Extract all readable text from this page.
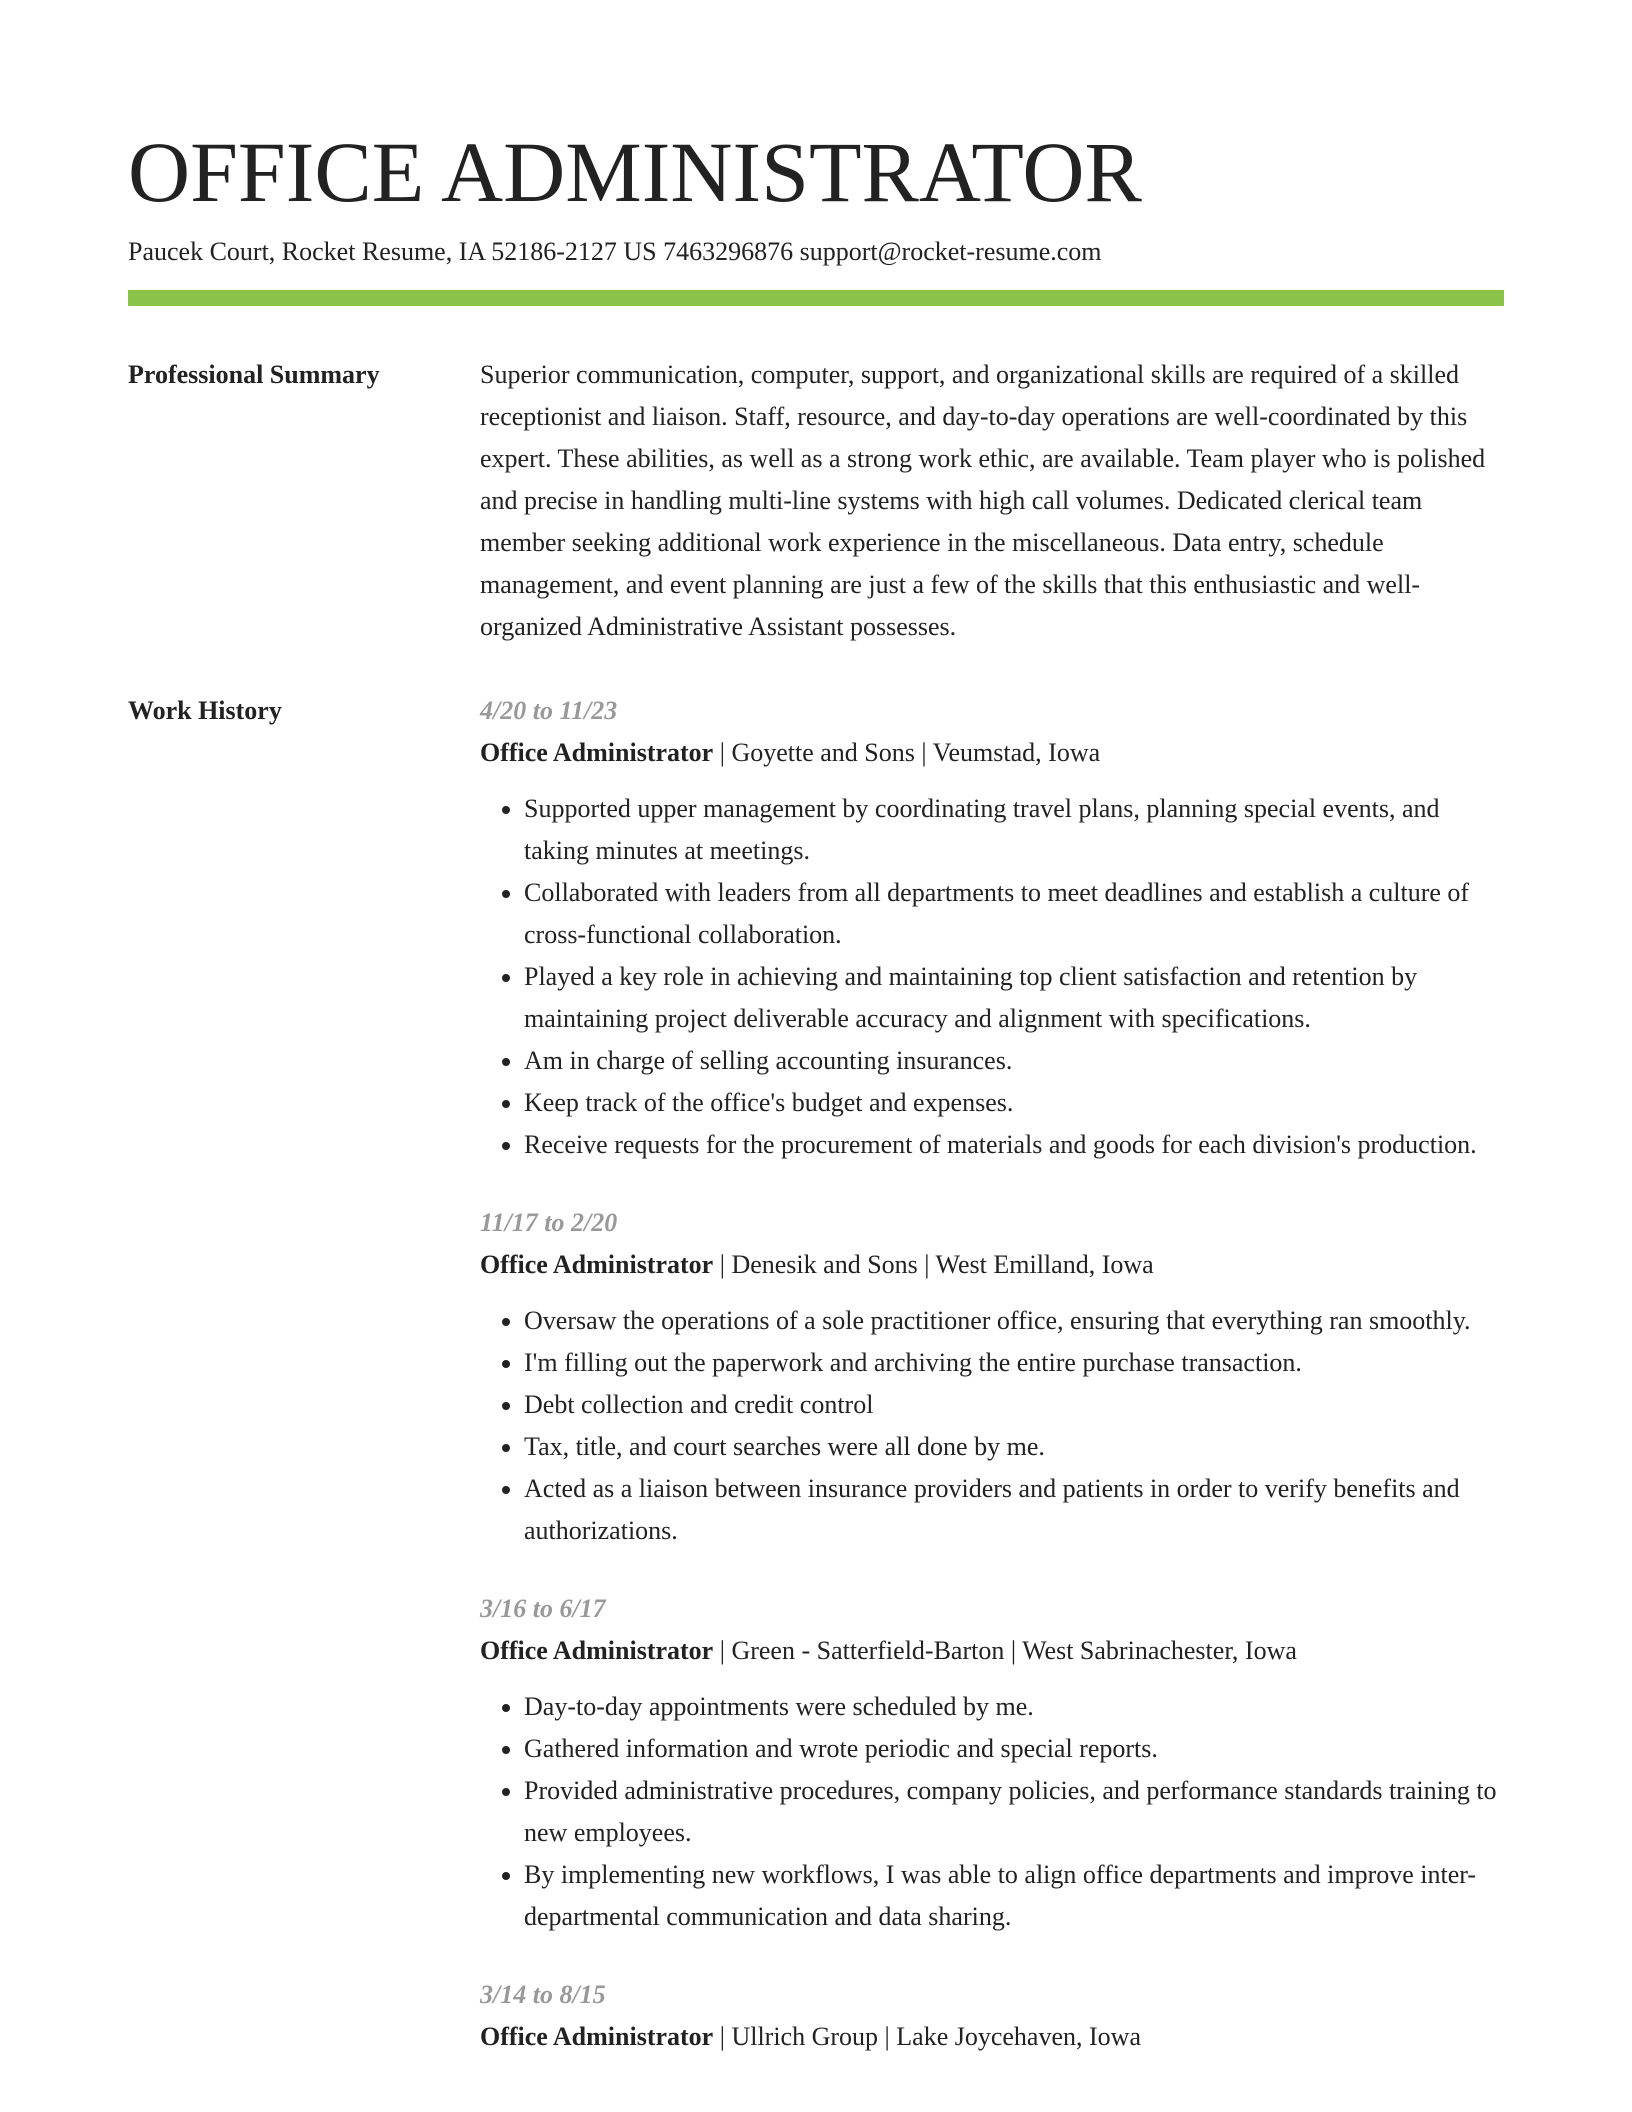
OFFICE ADMINISTRATOR
Paucek Court, Rocket Resume, IA 52186-2127 US 7463296876 support@rocket-resume.com
Professional Summary	Superior communication, computer, support, and organizational skills are required of a skilled receptionist and liaison. Staff, resource, and day-to-day operations are well-coordinated by this expert. These abilities, as well as a strong work ethic, are available. Team player who is polished and precise in handling multi-line systems with high call volumes. Dedicated clerical team member seeking additional work experience in the miscellaneous. Data entry, schedule management, and event planning are just a few of the skills that this enthusiastic and well-organized Administrative Assistant possesses.

Work History	4/20 to 11/23
Office Administrator | Goyette and Sons | Veumstad, Iowa
• Supported upper management by coordinating travel plans, planning special events, and taking minutes at meetings.
• Collaborated with leaders from all departments to meet deadlines and establish a culture of cross-functional collaboration.
• Played a key role in achieving and maintaining top client satisfaction and retention by maintaining project deliverable accuracy and alignment with specifications.
• Am in charge of selling accounting insurances.
• Keep track of the office's budget and expenses.
• Receive requests for the procurement of materials and goods for each division's production.
11/17 to 2/20
Office Administrator | Denesik and Sons | West Emilland, Iowa
• Oversaw the operations of a sole practitioner office, ensuring that everything ran smoothly.
• I'm filling out the paperwork and archiving the entire purchase transaction.
• Debt collection and credit control
• Tax, title, and court searches were all done by me.
• Acted as a liaison between insurance providers and patients in order to verify benefits and authorizations.
3/16 to 6/17
Office Administrator | Green - Satterfield-Barton | West Sabrinachester, Iowa
• Day-to-day appointments were scheduled by me.
• Gathered information and wrote periodic and special reports.
• Provided administrative procedures, company policies, and performance standards training to new employees.
• By implementing new workflows, I was able to align office departments and improve inter-departmental communication and data sharing.
3/14 to 8/15
Office Administrator | Ullrich Group | Lake Joycehaven, Iowa
